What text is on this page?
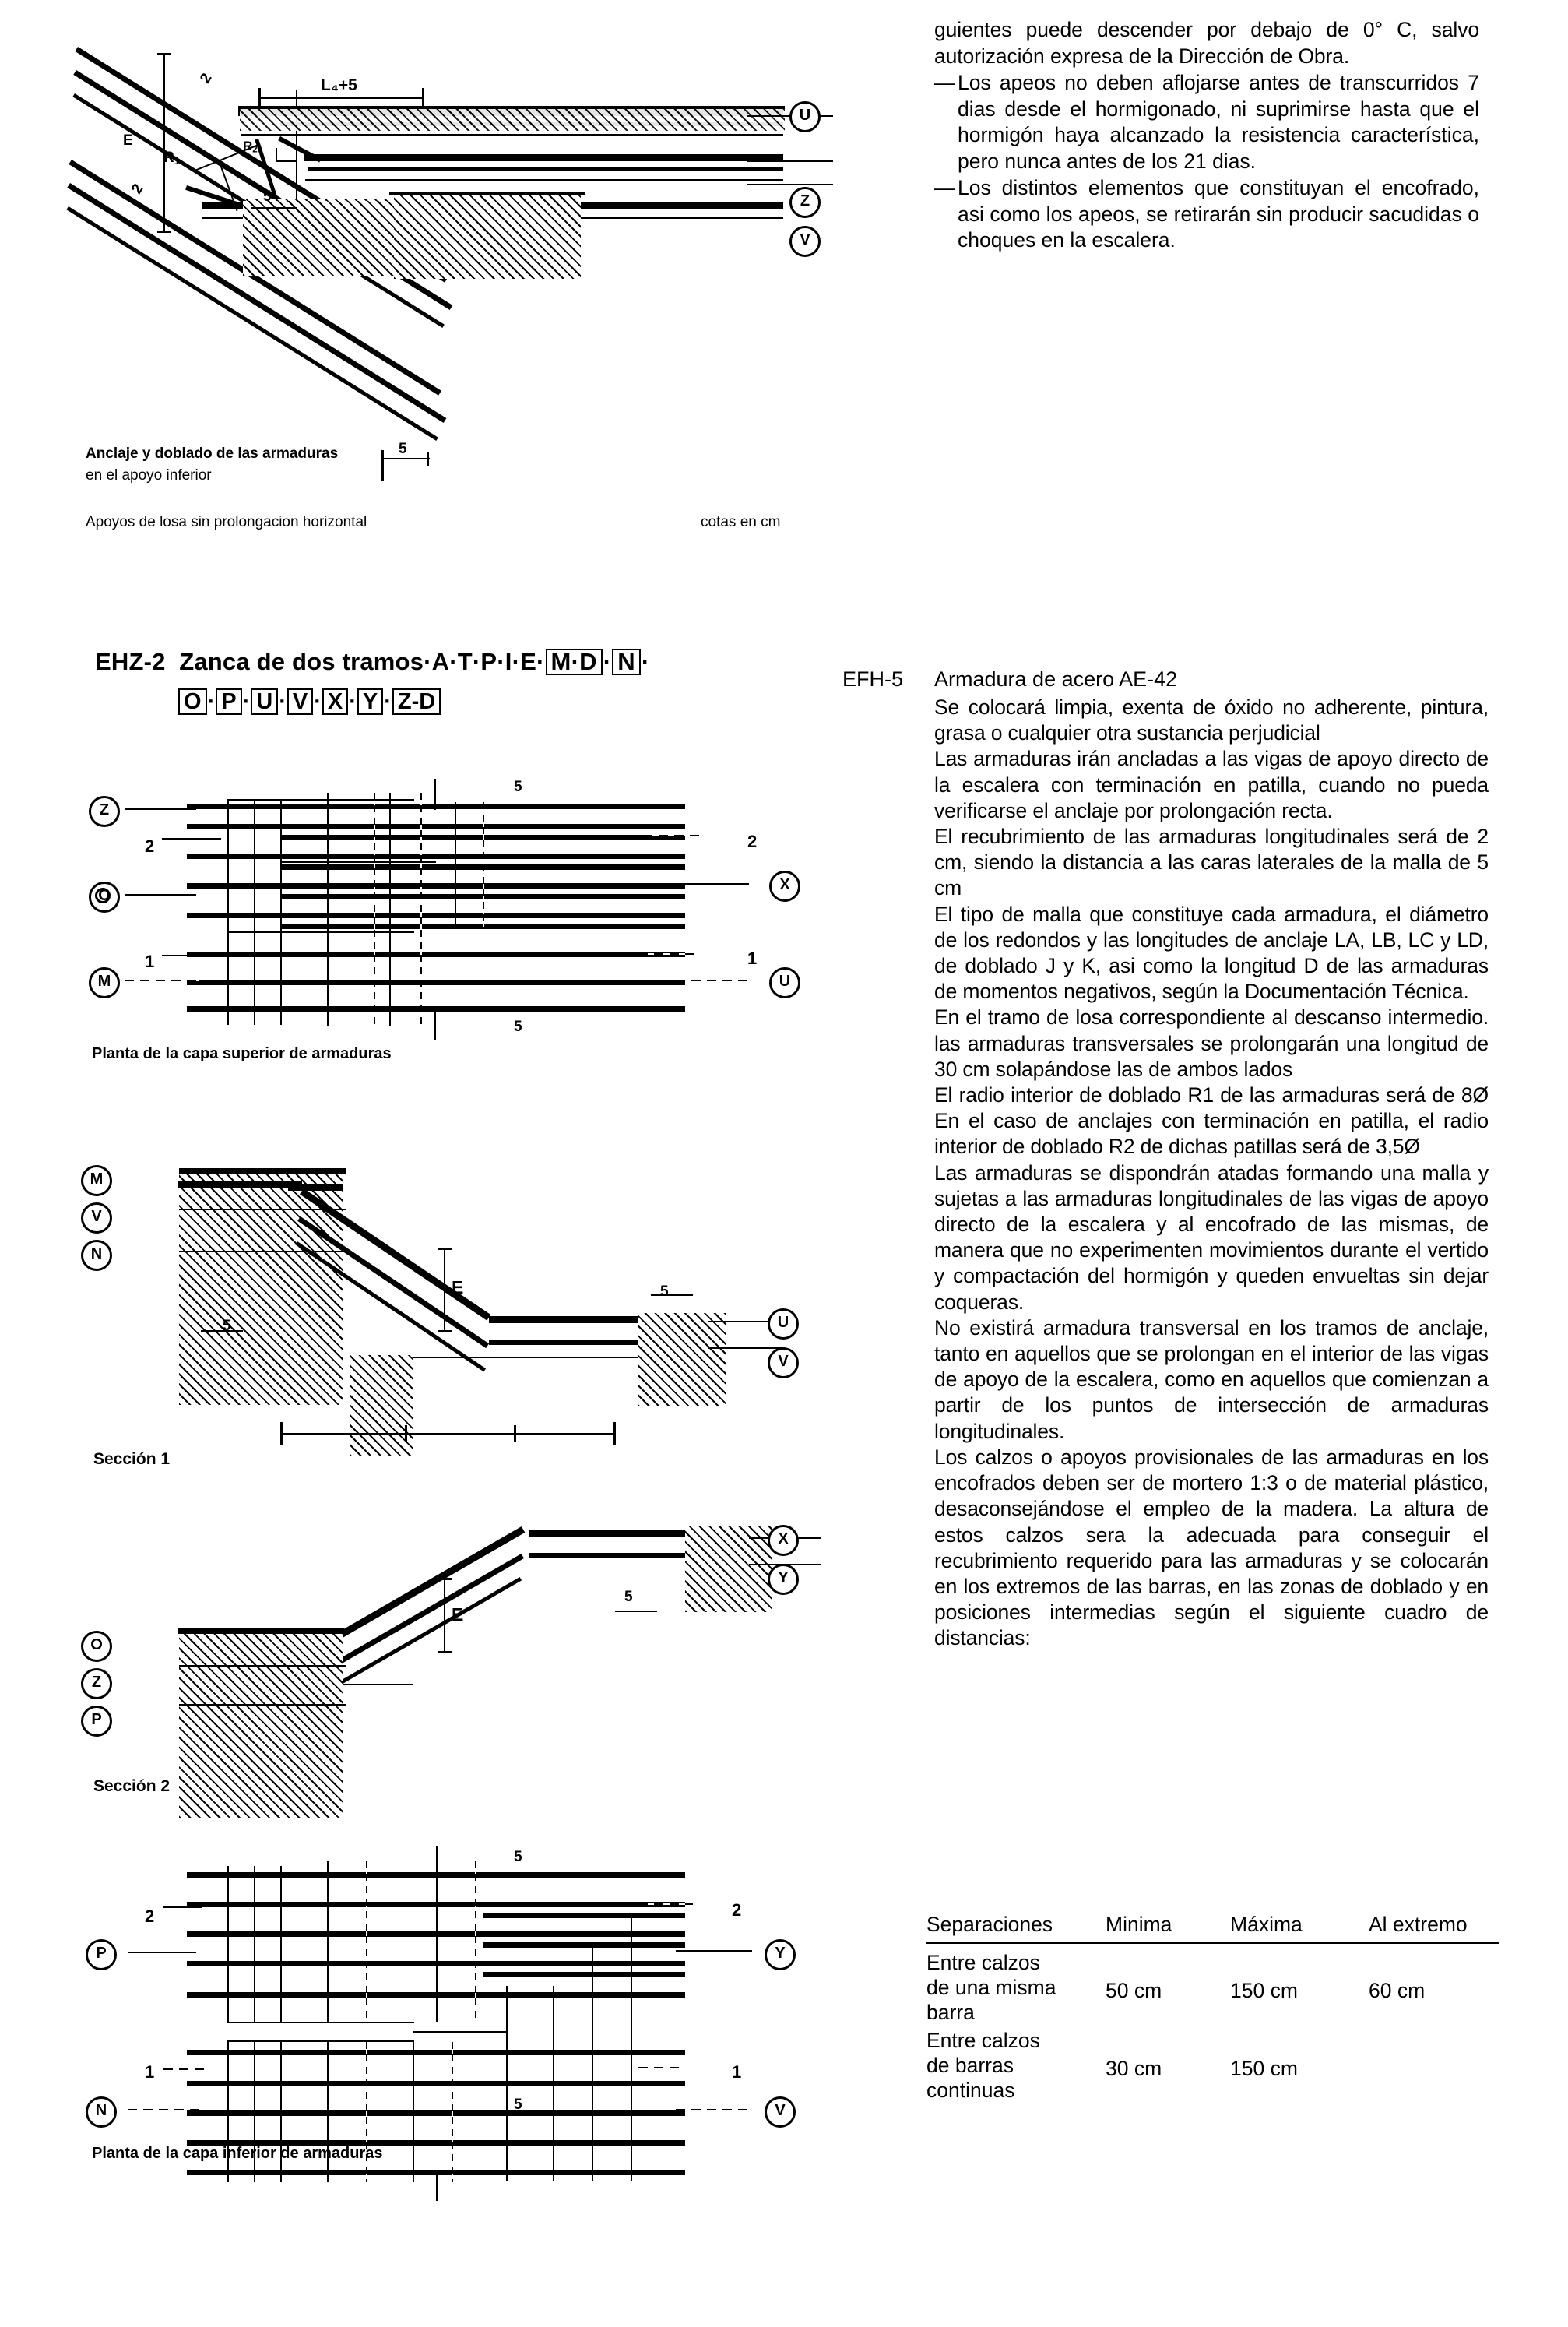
guientes puede descender por debajo de 0° C, salvo autorización expresa de la Dirección de Obra.

— Los apeos no deben aflojarse antes de transcurridos 7 dias desde el hormigonado, ni suprimirse hasta que el hormigón haya alcanzado la resistencia característica, pero nunca antes de los 21 dias.
— Los distintos elementos que constituyan el encofrado, asi como los apeos, se retirarán sin producir sacudidas o choques en la escalera.
E
2
2
$R_1$
$R_2$
L₄+5
5
U
Z
V
Anclaje y doblado de las armaduras
en el apoyo inferior
5
Apoyos de losa sin prolongacion horizontal	cotas en cm
EHZ-2 Zanca de dos tramos·A·T·P·I·E· M·D · N ·
O · P · U · V · X · Y · Z-D
2
1
2
1
5
5
Z
O
M
X
U
Planta de la capa superior de armaduras
E
5
5
M
V
N
U
V
Sección 1
E
5
O
Z
P
X
Y
Sección 2
2
1
2
1
5
5
P
N
Y
V
Planta de la capa inferior de armaduras
EFH-5	Armadura de acero AE-42

Se colocará limpia, exenta de óxido no adherente, pintura, grasa o cualquier otra sustancia perjudicial

Las armaduras irán ancladas a las vigas de apoyo directo de la escalera con terminación en patilla, cuando no pueda verificarse el anclaje por prolongación recta.

El recubrimiento de las armaduras longitudinales será de 2 cm, siendo la distancia a las caras laterales de la malla de 5 cm

El tipo de malla que constituye cada armadura, el diámetro de los redondos y las longitudes de anclaje LA, LB, LC y LD, de doblado J y K, asi como la longitud D de las armaduras de momentos negativos, según la Documentación Técnica.

En el tramo de losa correspondiente al descanso intermedio. las armaduras transversales se prolongarán una longitud de 30 cm solapándose las de ambos lados

El radio interior de doblado R1 de las armaduras será de 8Ø En el caso de anclajes con terminación en patilla, el radio interior de doblado R2 de dichas patillas será de 3,5Ø

Las armaduras se dispondrán atadas formando una malla y sujetas a las armaduras longitudinales de las vigas de apoyo directo de la escalera y al encofrado de las mismas, de manera que no experimenten movimientos durante el vertido y compactación del hormigón y queden envueltas sin dejar coqueras.

No existirá armadura transversal en los tramos de anclaje, tanto en aquellos que se prolongan en el interior de las vigas de apoyo de la escalera, como en aquellos que comienzan a partir de los puntos de intersección de armaduras longitudinales.

Los calzos o apoyos provisionales de las armaduras en los encofrados deben ser de mortero 1:3 o de material plástico, desaconsejándose el empleo de la madera. La altura de estos calzos sera la adecuada para conseguir el recubrimiento requerido para las armaduras y se colocarán en los extremos de las barras, en las zonas de doblado y en posiciones intermedias según el siguiente cuadro de distancias:

Separaciones	Minima	Máxima	Al extremo
Entre calzos
de una misma
barra
50 cm	150 cm	60 cm
Entre calzos
de barras
continuas
30 cm	150 cm
